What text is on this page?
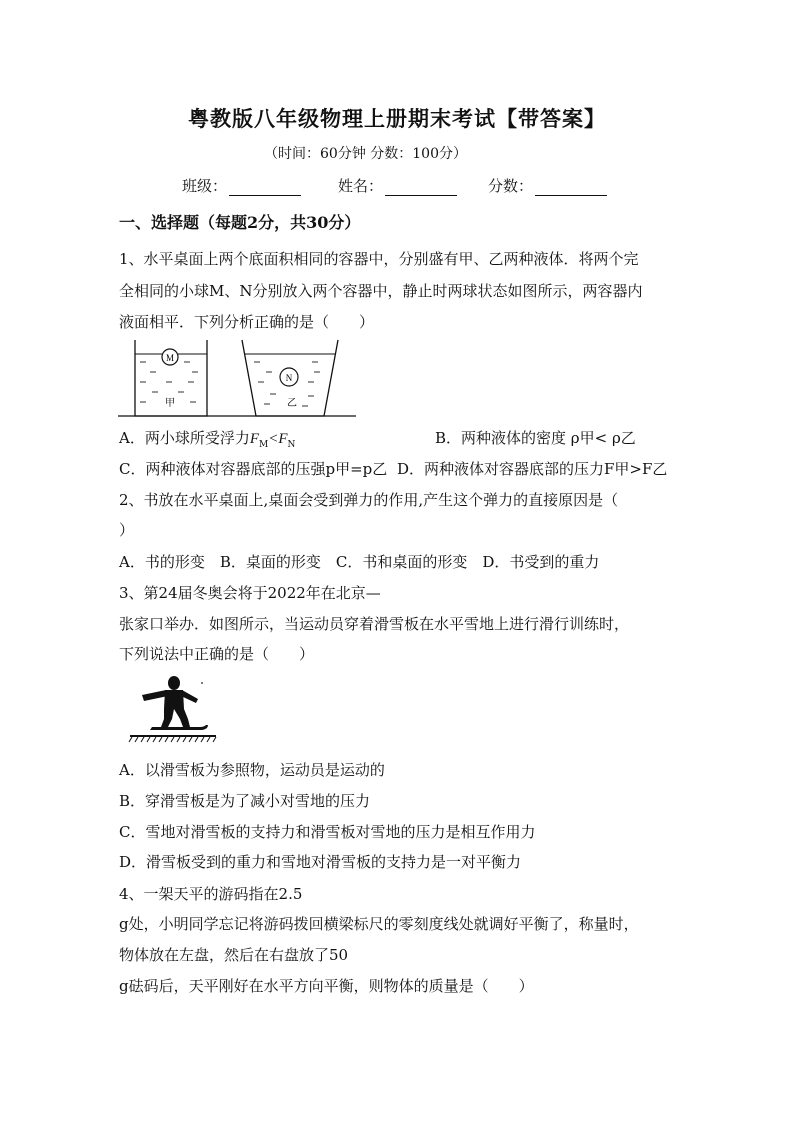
粤教版八年级物理上册期末考试【带答案】
（时间：60分钟 分数：100分）
班级：	姓名：	分数：
一、选择题（每题2分，共30分）
1、水平桌面上两个底面积相同的容器中，分别盛有甲、乙两种液体．将两个完
全相同的小球M、N分别放入两个容器中，静止时两球状态如图所示，两容器内
液面相平．下列分析正确的是（　　）
M
甲
N
乙
A．两小球所受浮力$F_M<F_N$	B．两种液体的密度 ρ甲< ρ乙
C．两种液体对容器底部的压强p甲=p乙 D．两种液体对容器底部的压力F甲>F乙
2、书放在水平桌面上,桌面会受到弹力的作用,产生这个弹力的直接原因是（
）
A．书的形变　B．桌面的形变　C．书和桌面的形变　D．书受到的重力
3、第24届冬奥会将于2022年在北京—
张家口举办．如图所示，当运动员穿着滑雪板在水平雪地上进行滑行训练时，
下列说法中正确的是（　　）
A．以滑雪板为参照物，运动员是运动的
B．穿滑雪板是为了减小对雪地的压力
C．雪地对滑雪板的支持力和滑雪板对雪地的压力是相互作用力
D．滑雪板受到的重力和雪地对滑雪板的支持力是一对平衡力
4、一架天平的游码指在2.5
g处，小明同学忘记将游码拨回横梁标尺的零刻度线处就调好平衡了，称量时，
物体放在左盘，然后在右盘放了50
g砝码后，天平刚好在水平方向平衡，则物体的质量是（　　）
